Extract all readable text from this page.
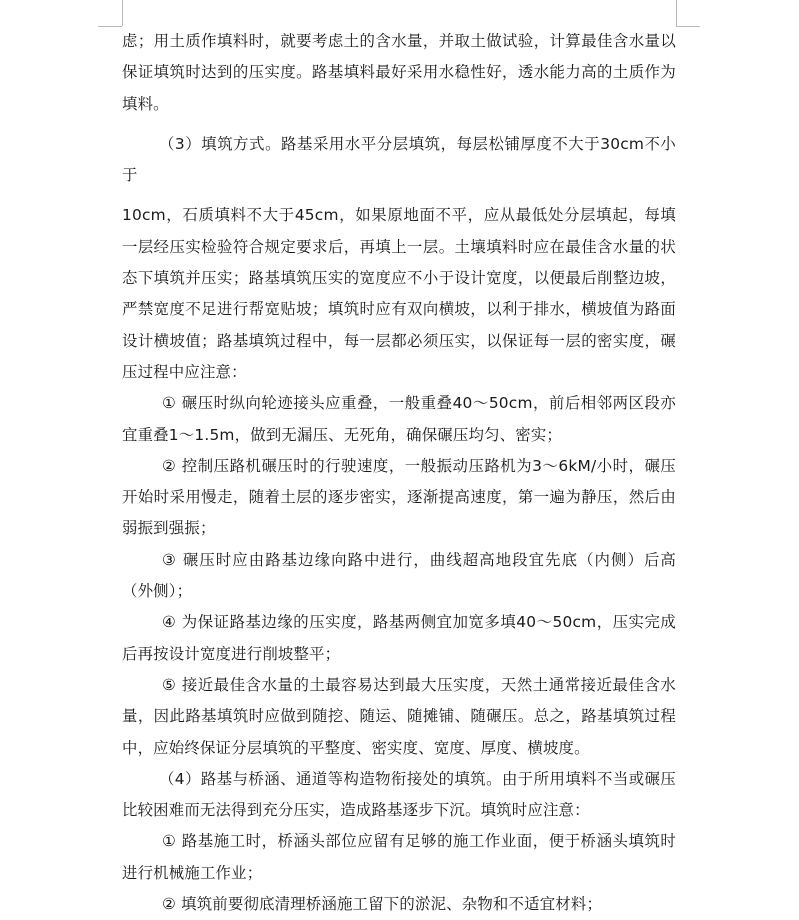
虑；用土质作填料时，就要考虑土的含水量，并取土做试验，计算最佳含水量以保证填筑时达到的压实度。路基填料最好采用水稳性好，透水能力高的土质作为填料。

（3）填筑方式。路基采用水平分层填筑，每层松铺厚度不大于30cm不小于

10cm，石质填料不大于45cm，如果原地面不平，应从最低处分层填起，每填一层经压实检验符合规定要求后，再填上一层。土壤填料时应在最佳含水量的状态下填筑并压实；路基填筑压实的宽度应不小于设计宽度，以便最后削整边坡，严禁宽度不足进行帮宽贴坡；填筑时应有双向横坡，以利于排水，横坡值为路面设计横坡值；路基填筑过程中，每一层都必须压实，以保证每一层的密实度，碾压过程中应注意：

① 碾压时纵向轮迹接头应重叠，一般重叠40～50cm，前后相邻两区段亦宜重叠1～1.5m，做到无漏压、无死角，确保碾压均匀、密实；

② 控制压路机碾压时的行驶速度，一般振动压路机为3～6kM/小时，碾压开始时采用慢走，随着土层的逐步密实，逐渐提高速度，第一遍为静压，然后由弱振到强振；

③ 碾压时应由路基边缘向路中进行，曲线超高地段宜先底（内侧）后高（外侧）；

④ 为保证路基边缘的压实度，路基两侧宜加宽多填40～50cm，压实完成后再按设计宽度进行削坡整平；

⑤ 接近最佳含水量的土最容易达到最大压实度，天然土通常接近最佳含水量，因此路基填筑时应做到随挖、随运、随摊铺、随碾压。总之，路基填筑过程中，应始终保证分层填筑的平整度、密实度、宽度、厚度、横坡度。

（4）路基与桥涵、通道等构造物衔接处的填筑。由于所用填料不当或碾压比较困难而无法得到充分压实，造成路基逐步下沉。填筑时应注意：

① 路基施工时，桥涵头部位应留有足够的施工作业面，便于桥涵头填筑时进行机械施工作业；

② 填筑前要彻底清理桥涵施工留下的淤泥、杂物和不适宜材料；
